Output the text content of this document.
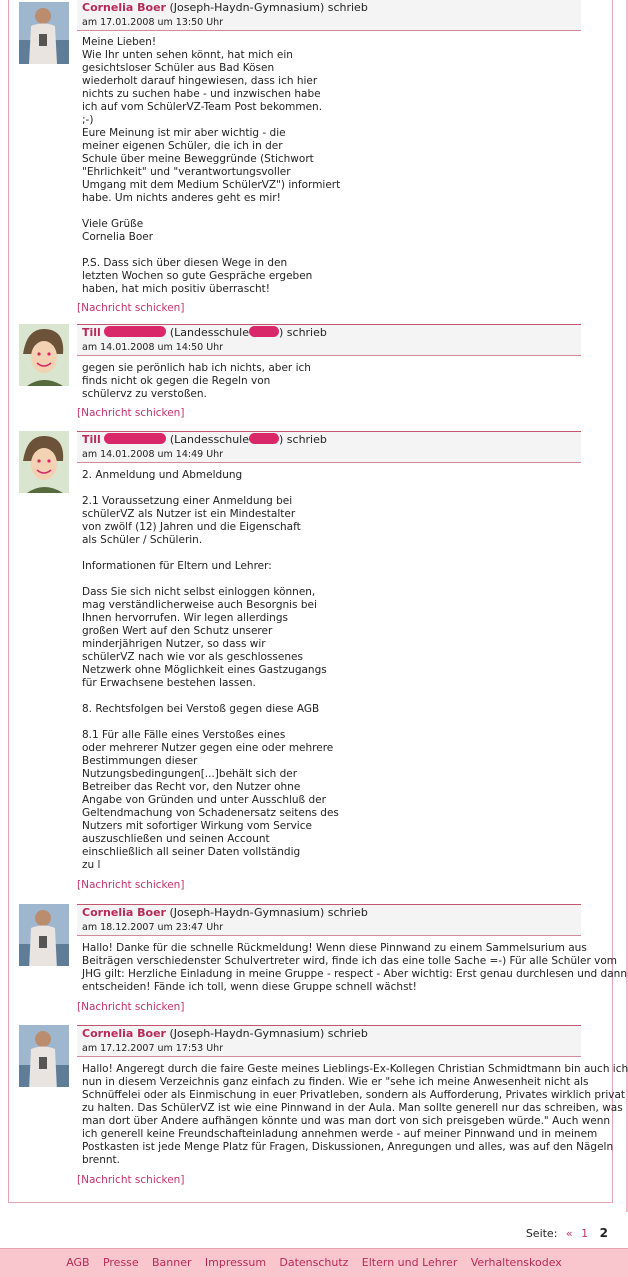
Cornelia Boer (Joseph-Haydn-Gymnasium) schrieb
am 17.01.2008 um 13:50 Uhr
Meine Lieben!
Wie Ihr unten sehen könnt, hat mich ein
gesichtsloser Schüler aus Bad Kösen
wiederholt darauf hingewiesen, dass ich hier
nichts zu suchen habe - und inzwischen habe
ich auf vom SchülerVZ-Team Post bekommen.
;-)
Eure Meinung ist mir aber wichtig - die
meiner eigenen Schüler, die ich in der
Schule über meine Beweggründe (Stichwort
"Ehrlichkeit" und "verantwortungsvoller
Umgang mit dem Medium SchülerVZ") informiert
habe. Um nichts anderes geht es mir!

Viele Grüße
Cornelia Boer

P.S. Dass sich über diesen Wege in den
letzten Wochen so gute Gespräche ergeben
haben, hat mich positiv überrascht!
[Nachricht schicken]
Till	(Landesschule	) schrieb
am 14.01.2008 um 14:50 Uhr
gegen sie perönlich hab ich nichts, aber ich
finds nicht ok gegen die Regeln von
schülervz zu verstoßen.
[Nachricht schicken]
Till	(Landesschule	) schrieb
am 14.01.2008 um 14:49 Uhr
2. Anmeldung und Abmeldung

2.1 Voraussetzung einer Anmeldung bei
schülerVZ als Nutzer ist ein Mindestalter
von zwölf (12) Jahren und die Eigenschaft
als Schüler / Schülerin.

Informationen für Eltern und Lehrer:

Dass Sie sich nicht selbst einloggen können,
mag verständlicherweise auch Besorgnis bei
Ihnen hervorrufen. Wir legen allerdings
großen Wert auf den Schutz unserer
minderjährigen Nutzer, so dass wir
schülerVZ nach wie vor als geschlossenes
Netzwerk ohne Möglichkeit eines Gastzugangs
für Erwachsene bestehen lassen.

8. Rechtsfolgen bei Verstoß gegen diese AGB

8.1 Für alle Fälle eines Verstoßes eines
oder mehrerer Nutzer gegen eine oder mehrere
Bestimmungen dieser
Nutzungsbedingungen[...]behält sich der
Betreiber das Recht vor, den Nutzer ohne
Angabe von Gründen und unter Ausschluß der
Geltendmachung von Schadenersatz seitens des
Nutzers mit sofortiger Wirkung vom Service
auszuschließen und seinen Account
einschließlich all seiner Daten vollständig
zu l
[Nachricht schicken]
Cornelia Boer (Joseph-Haydn-Gymnasium) schrieb
am 18.12.2007 um 23:47 Uhr
Hallo! Danke für die schnelle Rückmeldung! Wenn diese Pinnwand zu einem Sammelsurium aus
Beiträgen verschiedenster Schulvertreter wird, finde ich das eine tolle Sache =-) Für alle Schüler vom
JHG gilt: Herzliche Einladung in meine Gruppe - respect - Aber wichtig: Erst genau durchlesen und dann
entscheiden! Fände ich toll, wenn diese Gruppe schnell wächst!
[Nachricht schicken]
Cornelia Boer (Joseph-Haydn-Gymnasium) schrieb
am 17.12.2007 um 17:53 Uhr
Hallo! Angeregt durch die faire Geste meines Lieblings-Ex-Kollegen Christian Schmidtmann bin auch ich
nun in diesem Verzeichnis ganz einfach zu finden. Wie er "sehe ich meine Anwesenheit nicht als
Schnüffelei oder als Einmischung in euer Privatleben, sondern als Aufforderung, Privates wirklich privat
zu halten. Das SchülerVZ ist wie eine Pinnwand in der Aula. Man sollte generell nur das schreiben, was
man dort über Andere aufhängen könnte und was man dort von sich preisgeben würde." Auch wenn
ich generell keine Freundschafteinladung annehmen werde - auf meiner Pinnwand und in meinem
Postkasten ist jede Menge Platz für Fragen, Diskussionen, Anregungen und alles, was auf den Nägeln
brennt.
[Nachricht schicken]
Seite: « 1 2
AGB Presse Banner Impressum Datenschutz Eltern und Lehrer Verhaltenskodex
